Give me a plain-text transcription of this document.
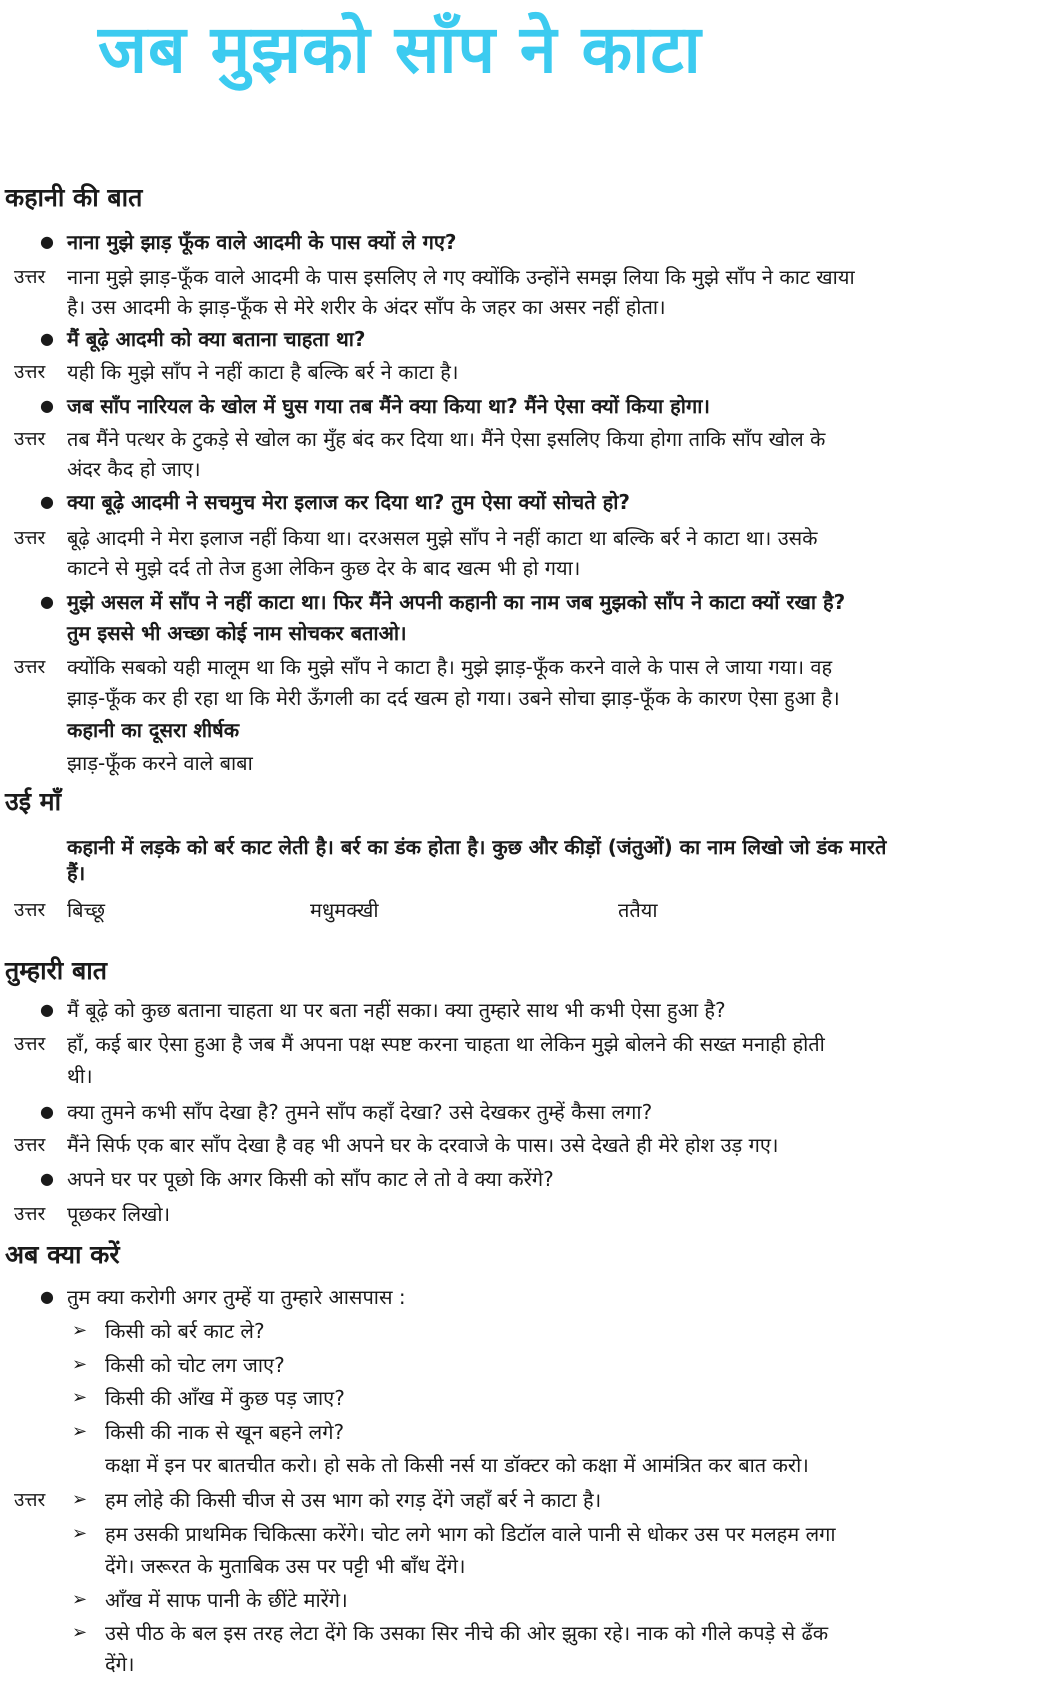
जब मुझको साँप ने काटा
कहानी की बात
● नाना मुझे झाड़ फूँक वाले आदमी के पास क्यों ले गए?
उत्तर नाना मुझे झाड़-फूँक वाले आदमी के पास इसलिए ले गए क्योंकि उन्होंने समझ लिया कि मुझे साँप ने काट खाया
है। उस आदमी के झाड़-फूँक से मेरे शरीर के अंदर साँप के जहर का असर नहीं होता।
● मैं बूढ़े आदमी को क्या बताना चाहता था?
उत्तर यही कि मुझे साँप ने नहीं काटा है बल्कि बर्र ने काटा है।
● जब साँप नारियल के खोल में घुस गया तब मैंने क्या किया था? मैंने ऐसा क्यों किया होगा।
उत्तर तब मैंने पत्थर के टुकड़े से खोल का मुँह बंद कर दिया था। मैंने ऐसा इसलिए किया होगा ताकि साँप खोल के
अंदर कैद हो जाए।
● क्या बूढ़े आदमी ने सचमुच मेरा इलाज कर दिया था? तुम ऐसा क्यों सोचते हो?
उत्तर बूढ़े आदमी ने मेरा इलाज नहीं किया था। दरअसल मुझे साँप ने नहीं काटा था बल्कि बर्र ने काटा था। उसके
काटने से मुझे दर्द तो तेज हुआ लेकिन कुछ देर के बाद खत्म भी हो गया।
● मुझे असल में साँप ने नहीं काटा था। फिर मैंने अपनी कहानी का नाम जब मुझको साँप ने काटा क्यों रखा है?
तुम इससे भी अच्छा कोई नाम सोचकर बताओ।
उत्तर क्योंकि सबको यही मालूम था कि मुझे साँप ने काटा है। मुझे झाड़-फूँक करने वाले के पास ले जाया गया। वह
झाड़-फूँक कर ही रहा था कि मेरी ऊँगली का दर्द खत्म हो गया। उबने सोचा झाड़-फूँक के कारण ऐसा हुआ है।
कहानी का दूसरा शीर्षक
झाड़-फूँक करने वाले बाबा
उई माँ
कहानी में लड़के को बर्र काट लेती है। बर्र का डंक होता है। कुछ और कीड़ों (जंतुओं) का नाम लिखो जो डंक मारते
हैं।
उत्तर बिच्छू	मधुमक्खी	ततैया
तुम्हारी बात
● मैं बूढ़े को कुछ बताना चाहता था पर बता नहीं सका। क्या तुम्हारे साथ भी कभी ऐसा हुआ है?
उत्तर हाँ, कई बार ऐसा हुआ है जब मैं अपना पक्ष स्पष्ट करना चाहता था लेकिन मुझे बोलने की सख्त मनाही होती
थी।
● क्या तुमने कभी साँप देखा है? तुमने साँप कहाँ देखा? उसे देखकर तुम्हें कैसा लगा?
उत्तर मैंने सिर्फ एक बार साँप देखा है वह भी अपने घर के दरवाजे के पास। उसे देखते ही मेरे होश उड़ गए।
● अपने घर पर पूछो कि अगर किसी को साँप काट ले तो वे क्या करेंगे?
उत्तर पूछकर लिखो।
अब क्या करें
● तुम क्या करोगी अगर तुम्हें या तुम्हारे आसपास :
➢ किसी को बर्र काट ले?
➢ किसी को चोट लग जाए?
➢ किसी की आँख में कुछ पड़ जाए?
➢ किसी की नाक से खून बहने लगे?
कक्षा में इन पर बातचीत करो। हो सके तो किसी नर्स या डॉक्टर को कक्षा में आमंत्रित कर बात करो।
उत्तर ➢ हम लोहे की किसी चीज से उस भाग को रगड़ देंगे जहाँ बर्र ने काटा है।
➢ हम उसकी प्राथमिक चिकित्सा करेंगे। चोट लगे भाग को डिटॉल वाले पानी से धोकर उस पर मलहम लगा
देंगे। जरूरत के मुताबिक उस पर पट्टी भी बाँध देंगे।
➢ आँख में साफ पानी के छींटे मारेंगे।
➢ उसे पीठ के बल इस तरह लेटा देंगे कि उसका सिर नीचे की ओर झुका रहे। नाक को गीले कपड़े से ढँक
देंगे।
